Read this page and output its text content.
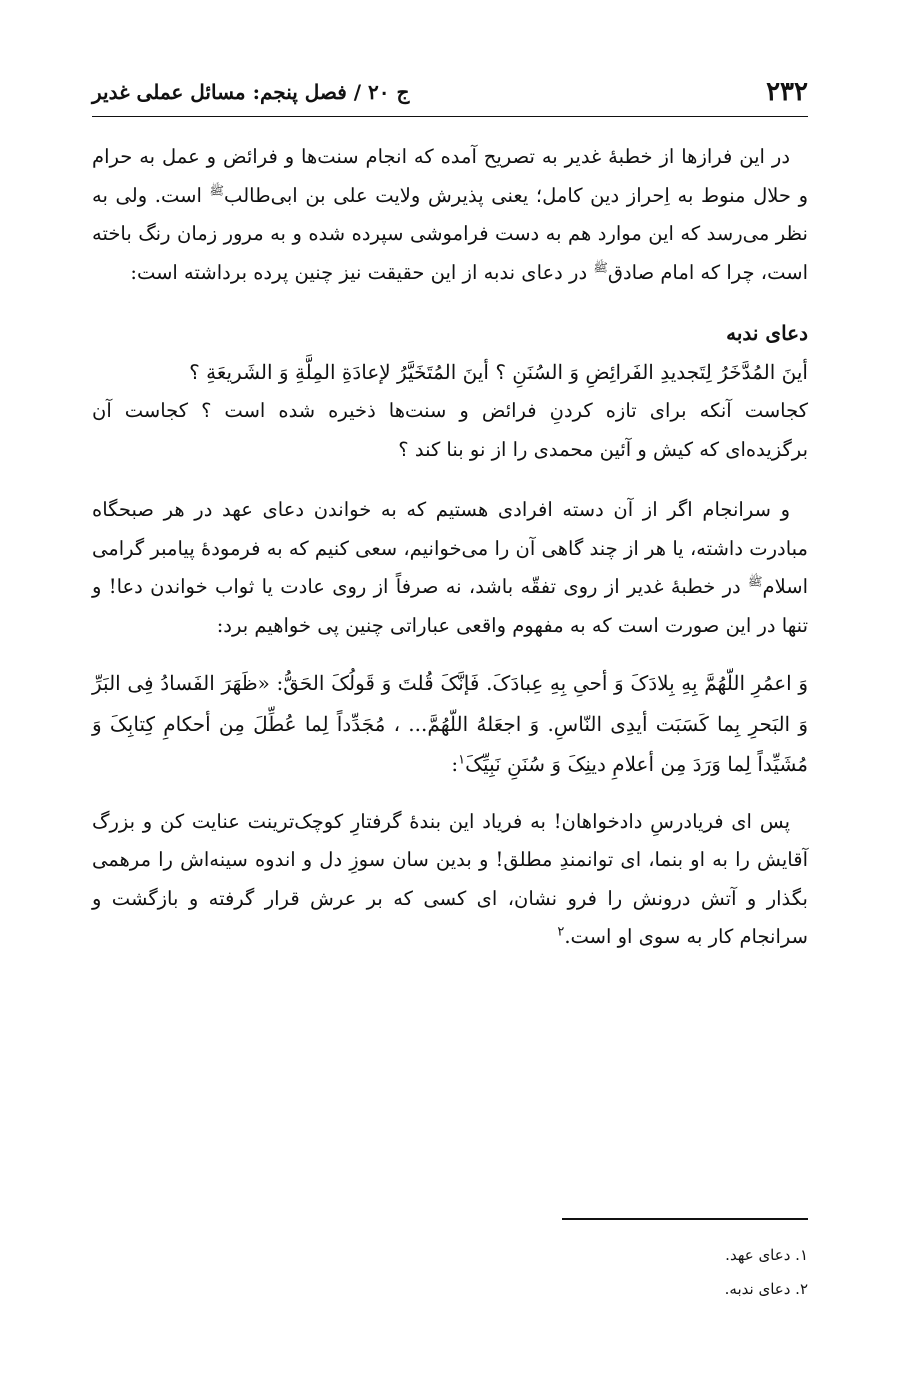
۲۳۲
ج ۲۰ / فصل پنجم: مسائل عملی غدیر

در این فرازها از خطبهٔ غدیر به تصریح آمده که انجام سنت‌ها و فرائض و عمل به حرام و حلال منوط به اِحراز دین کامل؛ یعنی پذیرش ولایت علی بن ابی‌طالب$^ﷺ$ است. ولی به نظر می‌رسد که این موارد هم به دست فراموشی سپرده شده و به مرور زمان رنگ باخته است، چرا که امام صادق$^ﷺ$ در دعای ندبه از این حقیقت نیز چنین پرده برداشته است:

دعای ندبه

أینَ المُدَّخَرُ لِتَجدیدِ الفَرائِضِ وَ السُنَنِ ؟ أینَ المُتَخَیَّرُ لإعادَةِ المِلَّةِ وَ الشَریعَةِ ؟

کجاست آنکه برای تازه کردنِ فرائض و سنت‌ها ذخیره شده است ؟ کجاست آن برگزیده‌ای که کیش و آئین محمدی را از نو بنا کند ؟

و سرانجام اگر از آن دسته افرادی هستیم که به خواندن دعای عهد در هر صبحگاه مبادرت داشته، یا هر از چند گاهی آن را می‌خوانیم، سعی کنیم که به فرمودهٔ پیامبر گرامی اسلام$^ﷺ$ در خطبهٔ غدیر از روی تفقّه باشد، نه صرفاً از روی عادت یا ثواب خواندن دعا! و تنها در این صورت است که به مفهوم واقعی عباراتی چنین پی خواهیم برد:

وَ اعمُرِ اللّهُمَّ بِهِ بِلادَکَ وَ أحیِ بِهِ عِبادَکَ. فَإنَّکَ قُلتَ وَ قَولُکَ الحَقُّ: «ظَهَرَ الفَسادُ فِی البَرِّ وَ البَحرِ بِما کَسَبَت أیدِی النّاسِ. وَ اجعَلهُ اللّهُمَّ... ، مُجَدِّداً لِما عُطِّلَ مِن أحکامِ کِتابِکَ وَ مُشَیِّداً لِما وَرَدَ مِن أعلامِ دینِکَ وَ سُنَنِ نَبِیِّکَ$^۱$:

پس ای فریادرسِ دادخواهان! به فریاد این بندهٔ گرفتارِ کوچک‌ترینت عنایت کن و بزرگ آقایش را به او بنما، ای توانمندِ مطلق! و بدین سان سوزِ دل و اندوه سینه‌اش را مرهمی بگذار و آتش درونش را فرو نشان، ای کسی که بر عرش قرار گرفته و بازگشت و سرانجام کار به سوی او است.$^۲$

۱. دعای عهد.
۲. دعای ندبه.
